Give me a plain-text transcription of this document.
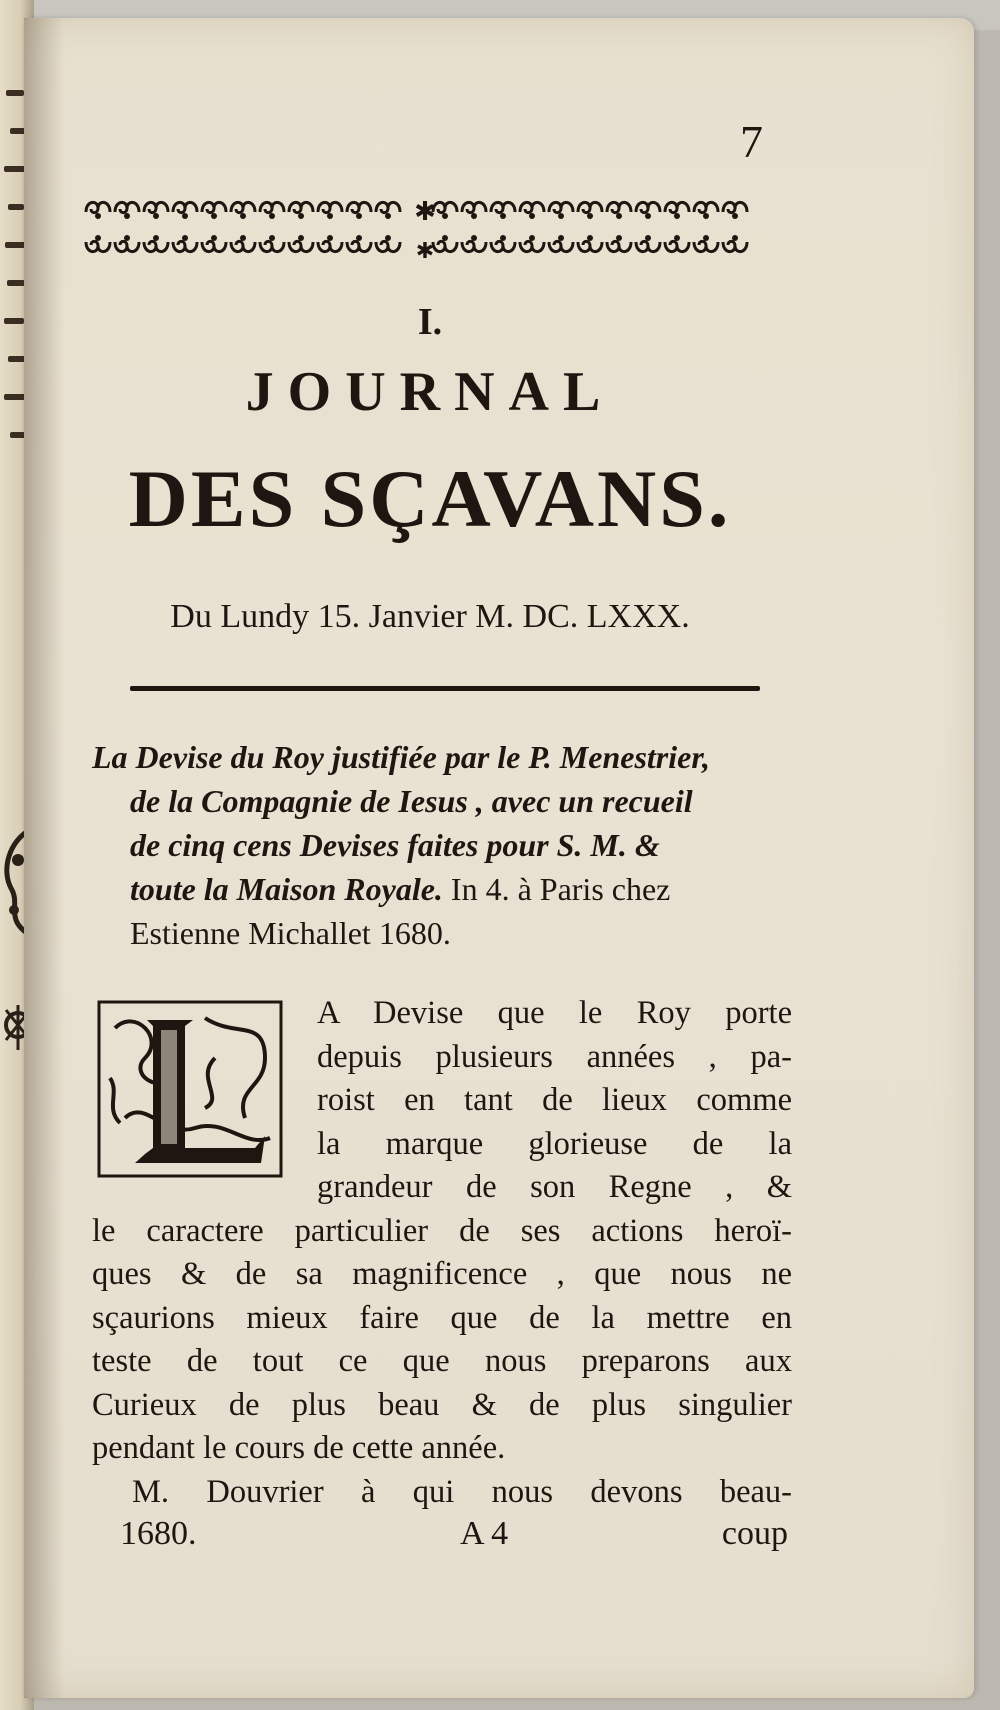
7
✱
✱
I.
JOURNAL
DES SÇAVANS.
Du Lundy 15. Janvier M. DC. LXXX.
La Devise du Roy justifiée par le P. Menestrier,
de la Compagnie de Iesus , avec un recueil
de cinq cens Devises faites pour S. M. &
toute la Maison Royale. In 4. à Paris chez
Estienne Michallet 1680.
A Devise que le Roy porte
depuis plusieurs années , pa-
roist en tant de lieux comme
la marque glorieuse de la
grandeur de son Regne , &
le caractere particulier de ses actions heroï-
ques & de sa magnificence , que nous ne
sçaurions mieux faire que de la mettre en
teste de tout ce que nous preparons aux
Curieux de plus beau & de plus singulier
pendant le cours de cette année.
M. Douvrier à qui nous devons beau-
1680.	A 4	coup
